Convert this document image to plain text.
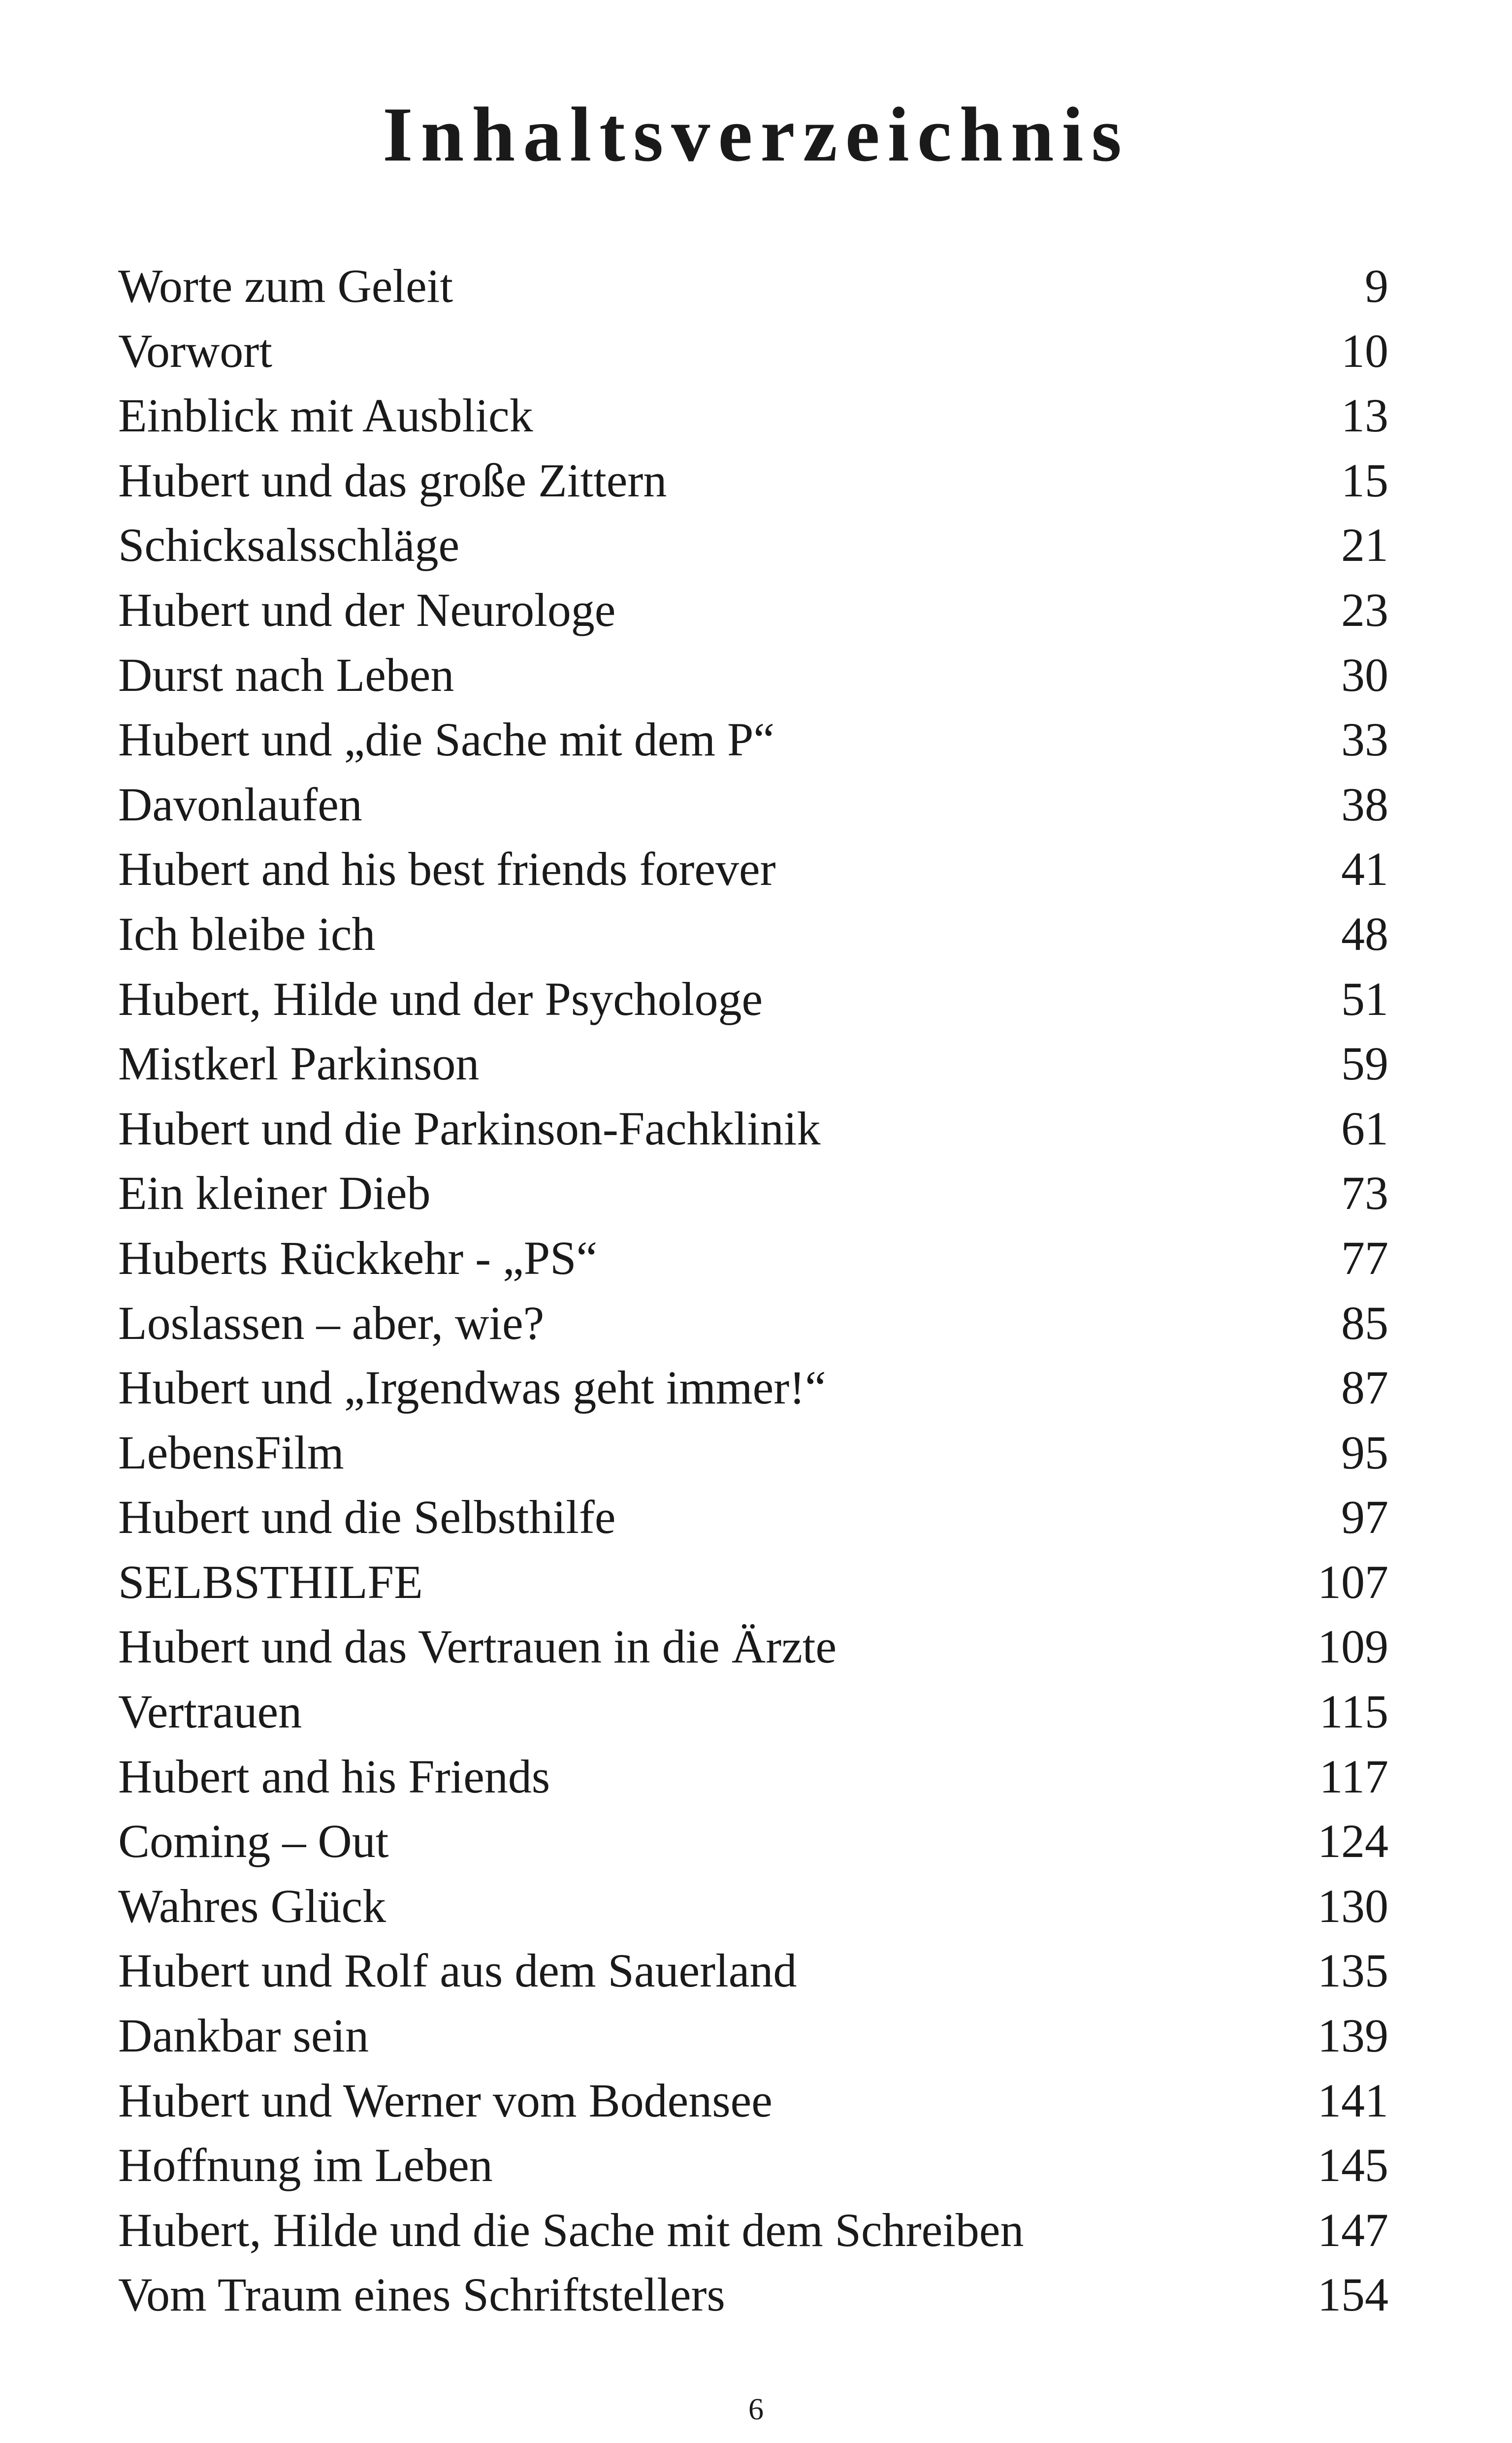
Inhaltsverzeichnis
Worte zum Geleit	9
Vorwort	10
Einblick mit Ausblick	13
Hubert und das große Zittern	15
Schicksalsschläge	21
Hubert und der Neurologe	23
Durst nach Leben	30
Hubert und „die Sache mit dem P“	33
Davonlaufen	38
Hubert and his best friends forever	41
Ich bleibe ich	48
Hubert, Hilde und der Psychologe	51
Mistkerl Parkinson	59
Hubert und die Parkinson-Fachklinik	61
Ein kleiner Dieb	73
Huberts Rückkehr - „PS“	77
Loslassen – aber, wie?	85
Hubert und „Irgendwas geht immer!“	87
LebensFilm	95
Hubert und die Selbsthilfe	97
SELBSTHILFE	107
Hubert und das Vertrauen in die Ärzte	109
Vertrauen	115
Hubert and his Friends	117
Coming – Out	124
Wahres Glück	130
Hubert und Rolf aus dem Sauerland	135
Dankbar sein	139
Hubert und Werner vom Bodensee	141
Hoffnung im Leben	145
Hubert, Hilde und die Sache mit dem Schreiben	147
Vom Traum eines Schriftstellers	154
6
